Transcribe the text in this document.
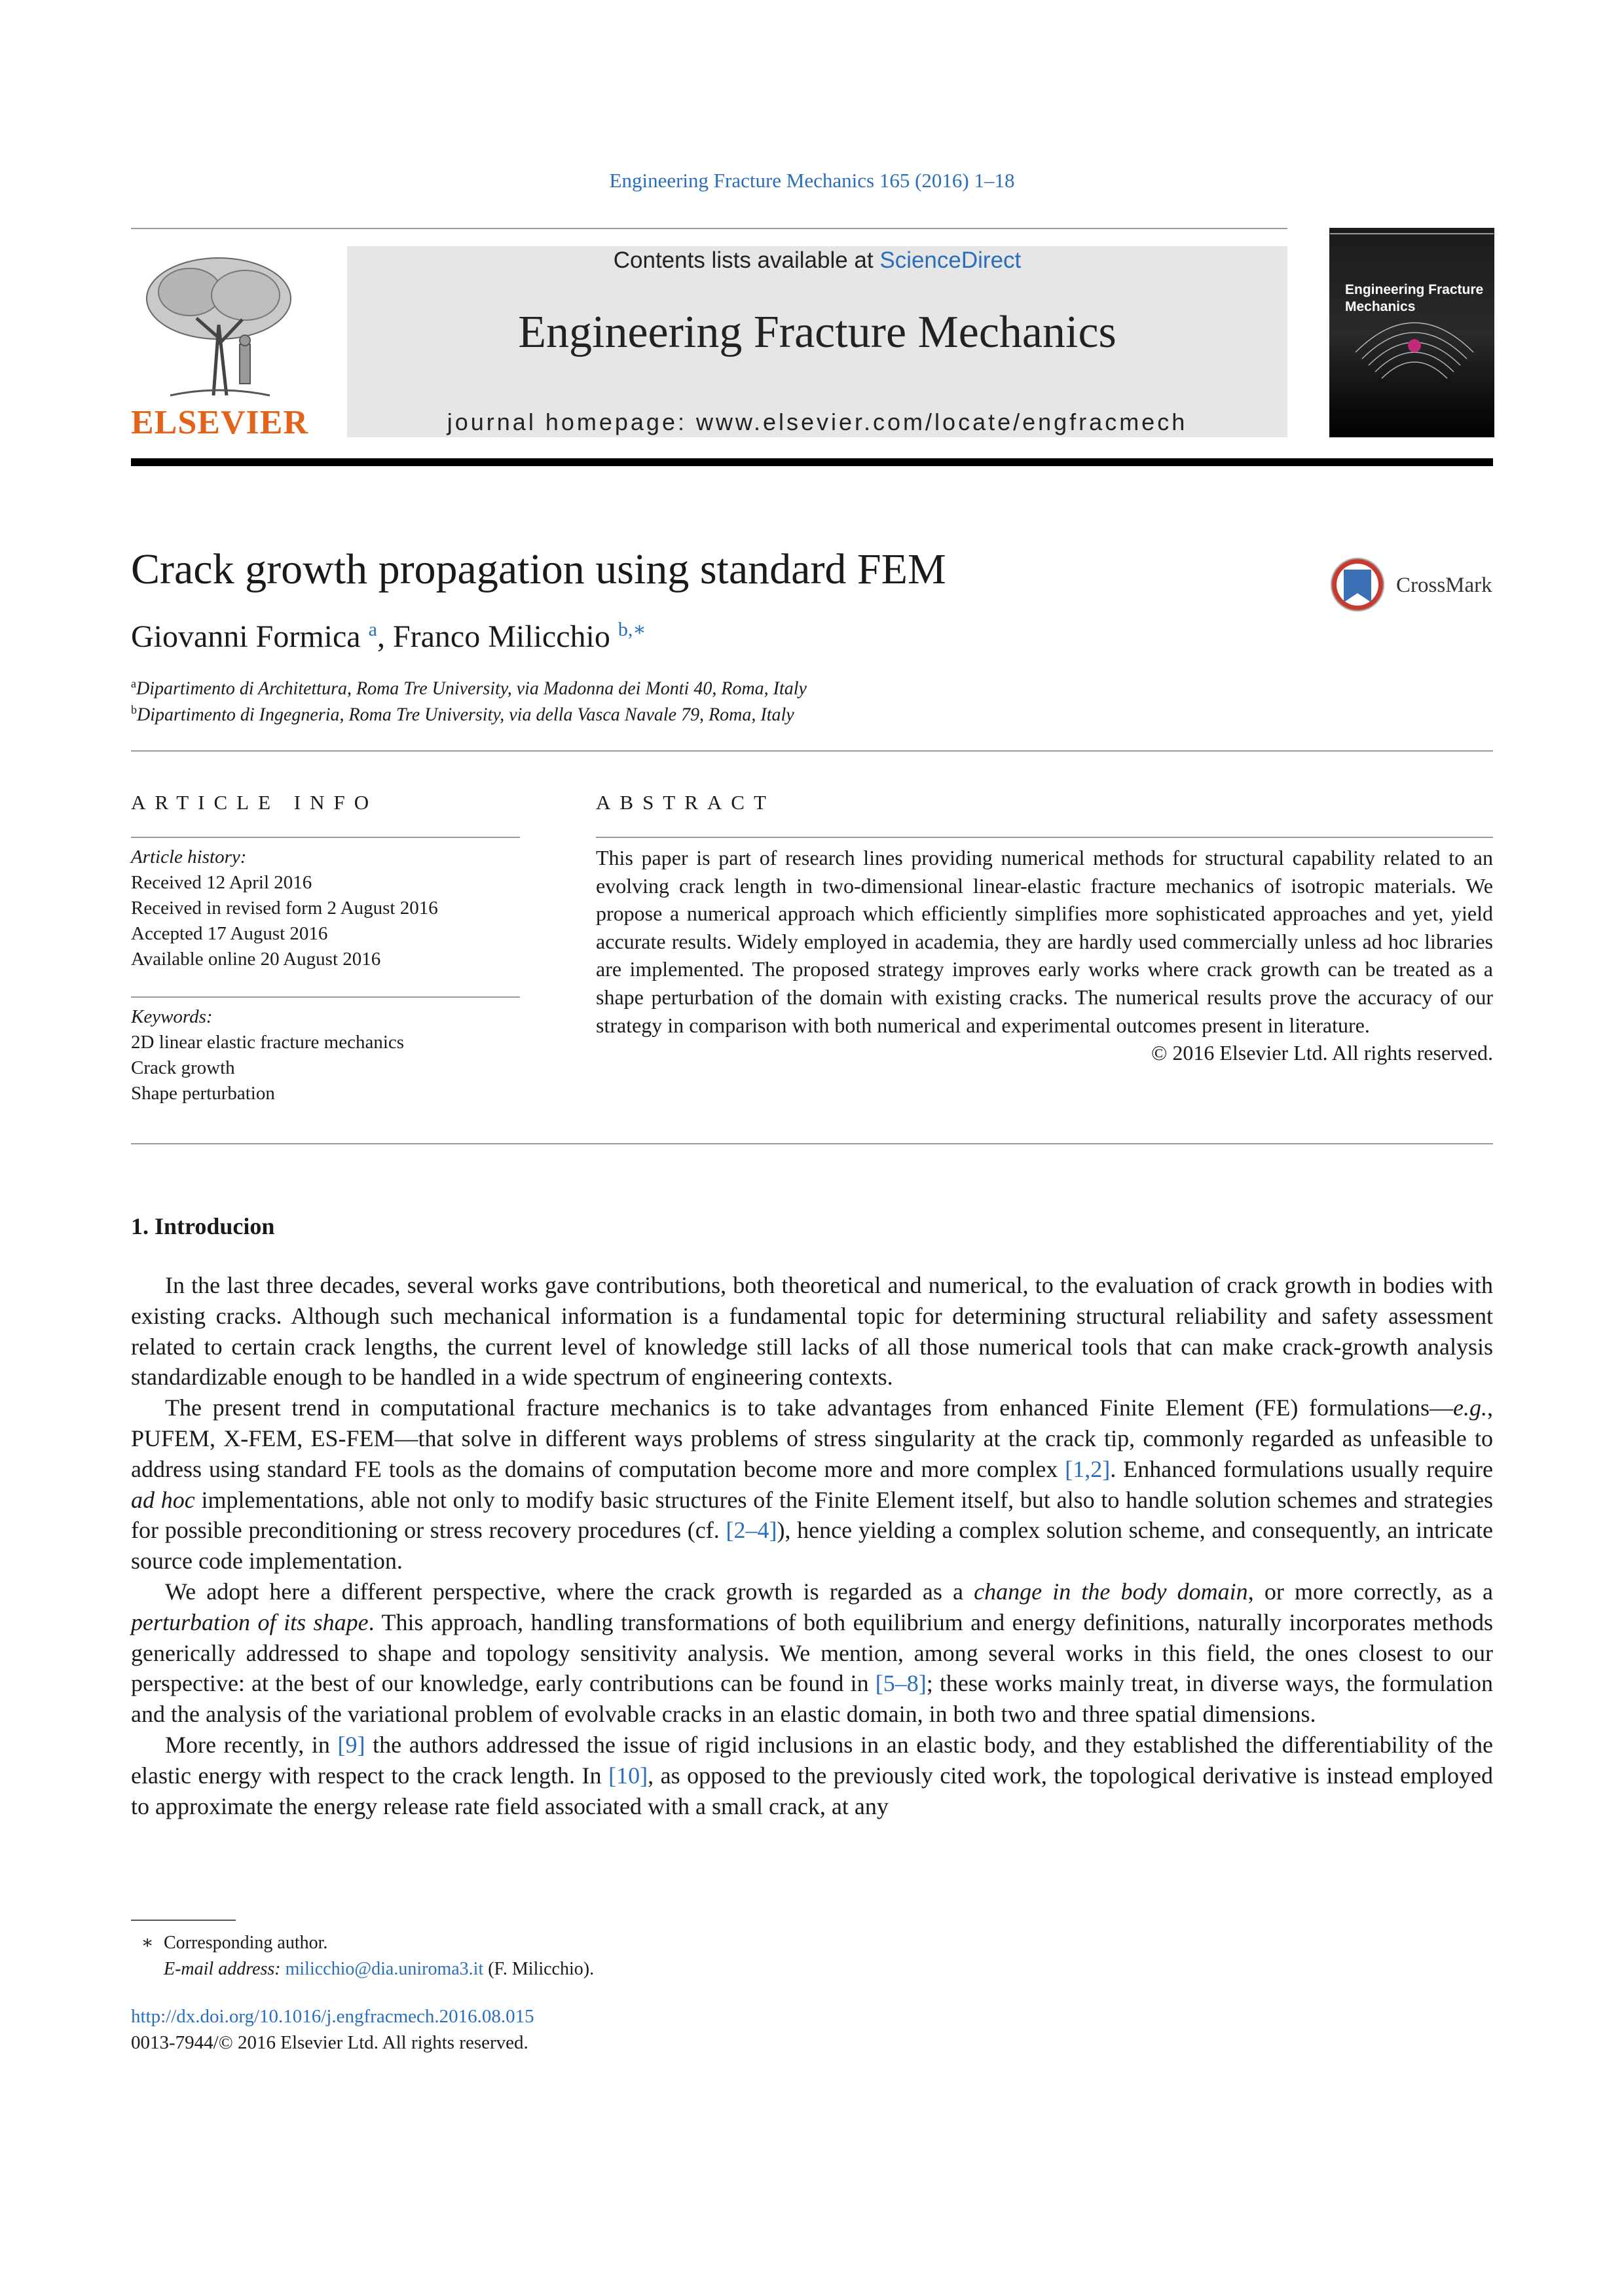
Engineering Fracture Mechanics 165 (2016) 1–18
Contents lists available at ScienceDirect
Engineering Fracture Mechanics
journal homepage: www.elsevier.com/locate/engfracmech
ELSEVIER
Engineering Fracture Mechanics
Crack growth propagation using standard FEM	CrossMark
Giovanni Formica $^a$, Franco Milicchio $^{b,∗}$
$^a$Dipartimento di Architettura, Roma Tre University, via Madonna dei Monti 40, Roma, Italy
$^b$Dipartimento di Ingegneria, Roma Tre University, via della Vasca Navale 79, Roma, Italy
ARTICLE INFO
Article history:
Received 12 April 2016
Received in revised form 2 August 2016
Accepted 17 August 2016
Available online 20 August 2016
Keywords:
2D linear elastic fracture mechanics
Crack growth
Shape perturbation
ABSTRACT

This paper is part of research lines providing numerical methods for structural capability related to an evolving crack length in two-dimensional linear-elastic fracture mechanics of isotropic materials. We propose a numerical approach which efficiently simplifies more sophisticated approaches and yet, yield accurate results. Widely employed in academia, they are hardly used commercially unless ad hoc libraries are implemented. The proposed strategy improves early works where crack growth can be treated as a shape perturbation of the domain with existing cracks. The numerical results prove the accuracy of our strategy in comparison with both numerical and experimental outcomes present in literature.

© 2016 Elsevier Ltd. All rights reserved.

1. Introducion

In the last three decades, several works gave contributions, both theoretical and numerical, to the evaluation of crack growth in bodies with existing cracks. Although such mechanical information is a fundamental topic for determining structural reliability and safety assessment related to certain crack lengths, the current level of knowledge still lacks of all those numerical tools that can make crack-growth analysis standardizable enough to be handled in a wide spectrum of engineering contexts.

The present trend in computational fracture mechanics is to take advantages from enhanced Finite Element (FE) formulations—e.g., PUFEM, X-FEM, ES-FEM—that solve in different ways problems of stress singularity at the crack tip, commonly regarded as unfeasible to address using standard FE tools as the domains of computation become more and more complex [1,2]. Enhanced formulations usually require ad hoc implementations, able not only to modify basic structures of the Finite Element itself, but also to handle solution schemes and strategies for possible preconditioning or stress recovery procedures (cf. [2–4]), hence yielding a complex solution scheme, and consequently, an intricate source code implementation.

We adopt here a different perspective, where the crack growth is regarded as a change in the body domain, or more correctly, as a perturbation of its shape. This approach, handling transformations of both equilibrium and energy definitions, naturally incorporates methods generically addressed to shape and topology sensitivity analysis. We mention, among several works in this field, the ones closest to our perspective: at the best of our knowledge, early contributions can be found in [5–8]; these works mainly treat, in diverse ways, the formulation and the analysis of the variational problem of evolvable cracks in an elastic domain, in both two and three spatial dimensions.

More recently, in [9] the authors addressed the issue of rigid inclusions in an elastic body, and they established the differentiability of the elastic energy with respect to the crack length. In [10], as opposed to the previously cited work, the topological derivative is instead employed to approximate the energy release rate field associated with a small crack, at any

∗ Corresponding author.
E-mail address: milicchio@dia.uniroma3.it (F. Milicchio).
http://dx.doi.org/10.1016/j.engfracmech.2016.08.015
0013-7944/© 2016 Elsevier Ltd. All rights reserved.
